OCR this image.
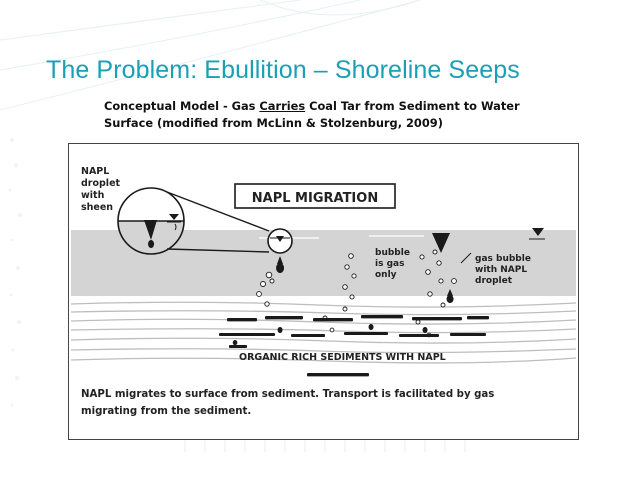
The Problem: Ebullition – Shoreline Seeps
Conceptual Model - Gas Carries Coal Tar from Sediment to Water Surface (modified from McLinn & Stolzenburg, 2009)
NAPL MIGRATION
NAPL
droplet
with
sheen
bubble
is gas
only
gas bubble
with NAPL
droplet
ORGANIC RICH SEDIMENTS WITH NAPL
NAPL migrates to surface from sediment. Transport is facilitated by gas
migrating from the sediment.
